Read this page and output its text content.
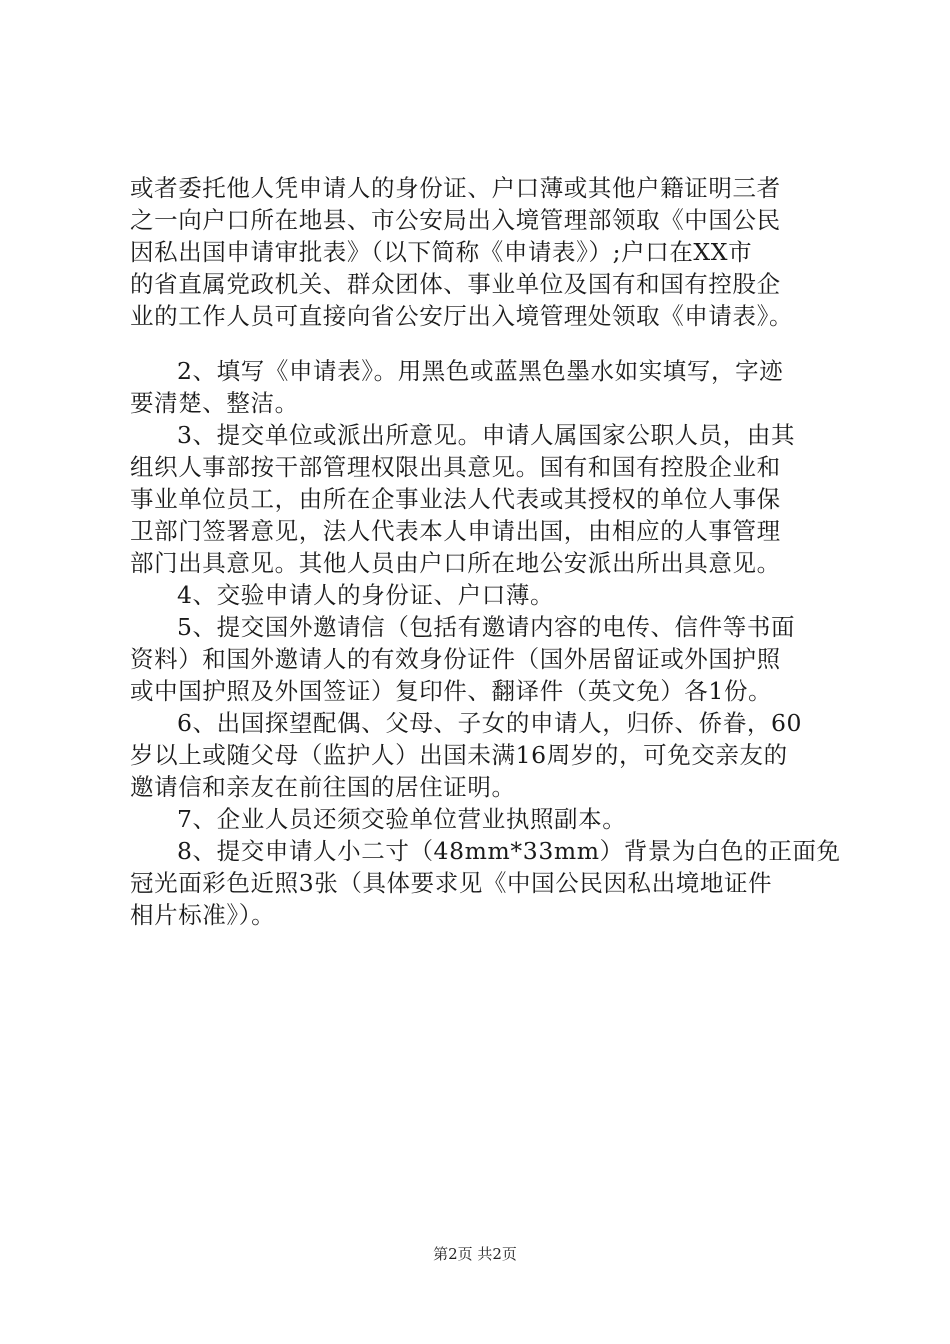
或者委托他人凭申请人的身份证、户口薄或其他户籍证明三者
之一向户口所在地县、市公安局出入境管理部领取《中国公民
因私出国申请审批表》（以下简称《申请表》）;户口在XX市
的省直属党政机关、群众团体、事业单位及国有和国有控股企
业的工作人员可直接向省公安厅出入境管理处领取《申请表》。
2、填写《申请表》。用黑色或蓝黑色墨水如实填写，字迹
要清楚、整洁。
3、提交单位或派出所意见。申请人属国家公职人员，由其
组织人事部按干部管理权限出具意见。国有和国有控股企业和
事业单位员工，由所在企事业法人代表或其授权的单位人事保
卫部门签署意见，法人代表本人申请出国，由相应的人事管理
部门出具意见。其他人员由户口所在地公安派出所出具意见。
4、交验申请人的身份证、户口薄。
5、提交国外邀请信（包括有邀请内容的电传、信件等书面
资料）和国外邀请人的有效身份证件（国外居留证或外国护照
或中国护照及外国签证）复印件、翻译件（英文免）各1份。
6、出国探望配偶、父母、子女的申请人，归侨、侨眷，60
岁以上或随父母（监护人）出国未满16周岁的，可免交亲友的
邀请信和亲友在前往国的居住证明。
7、企业人员还须交验单位营业执照副本。
8、提交申请人小二寸（48mm*33mm）背景为白色的正面免
冠光面彩色近照3张（具体要求见《中国公民因私出境地证件
相片标准》）。
第2页 共2页
